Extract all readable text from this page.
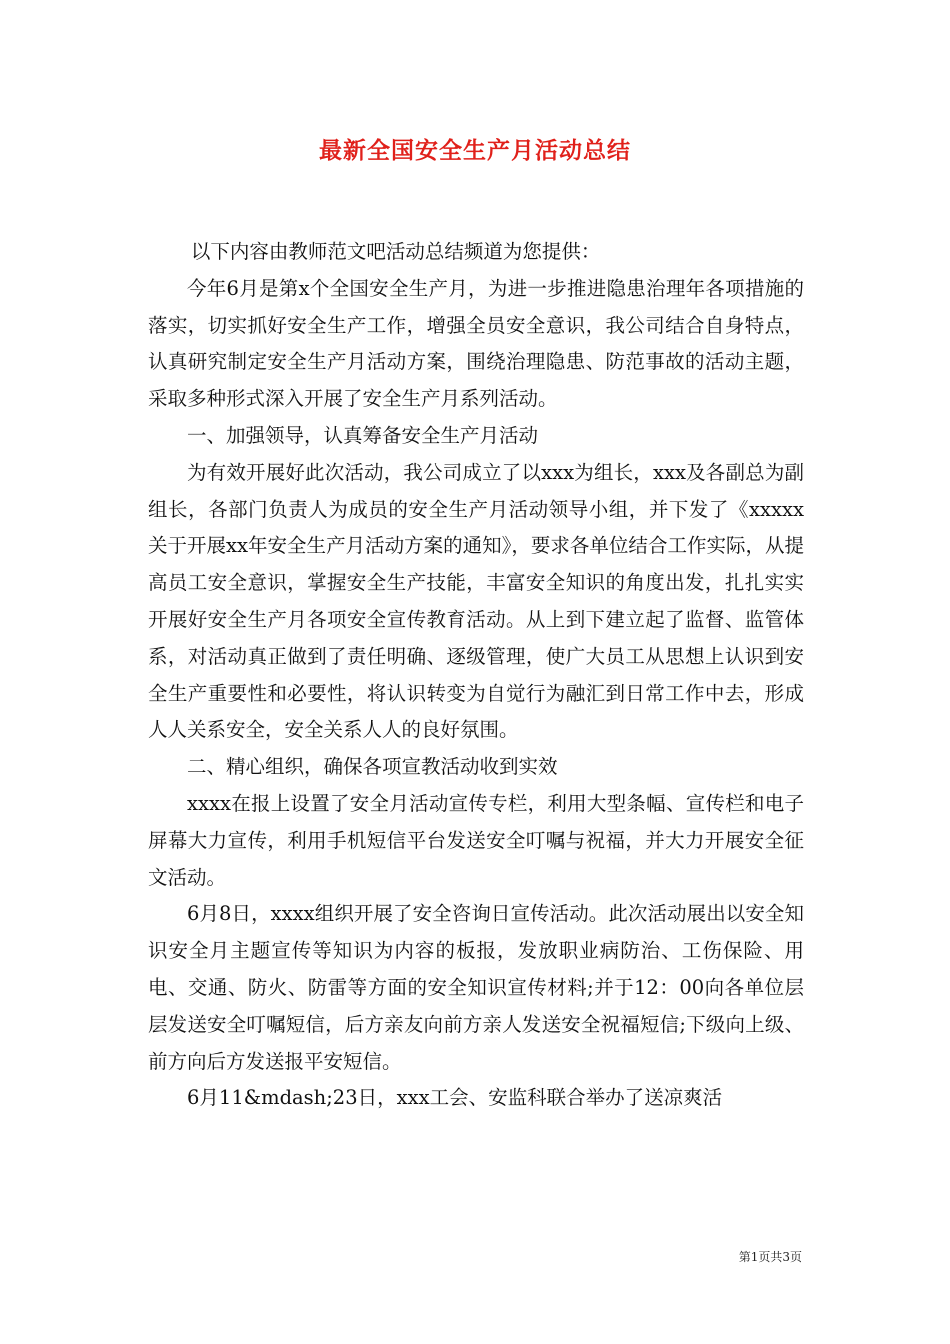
最新全国安全生产月活动总结

以下内容由教师范文吧活动总结频道为您提供：

今年6月是第x个全国安全生产月，为进一步推进隐患治理年各项措施的落实，切实抓好安全生产工作，增强全员安全意识，我公司结合自身特点，认真研究制定安全生产月活动方案，围绕治理隐患、防范事故的活动主题，采取多种形式深入开展了安全生产月系列活动。

一、加强领导，认真筹备安全生产月活动

为有效开展好此次活动，我公司成立了以xxx为组长，xxx及各副总为副组长，各部门负责人为成员的安全生产月活动领导小组，并下发了《xxxxx关于开展xx年安全生产月活动方案的通知》，要求各单位结合工作实际，从提高员工安全意识，掌握安全生产技能，丰富安全知识的角度出发，扎扎实实开展好安全生产月各项安全宣传教育活动。从上到下建立起了监督、监管体系，对活动真正做到了责任明确、逐级管理，使广大员工从思想上认识到安全生产重要性和必要性，将认识转变为自觉行为融汇到日常工作中去，形成人人关系安全，安全关系人人的良好氛围。

二、精心组织，确保各项宣教活动收到实效

xxxx在报上设置了安全月活动宣传专栏，利用大型条幅、宣传栏和电子屏幕大力宣传，利用手机短信平台发送安全叮嘱与祝福，并大力开展安全征文活动。

6月8日，xxxx组织开展了安全咨询日宣传活动。此次活动展出以安全知识安全月主题宣传等知识为内容的板报，发放职业病防治、工伤保险、用电、交通、防火、防雷等方面的安全知识宣传材料;并于12：00向各单位层层发送安全叮嘱短信，后方亲友向前方亲人发送安全祝福短信;下级向上级、前方向后方发送报平安短信。

6月11&mdash;23日，xxx工会、安监科联合举办了送凉爽活

第1页共3页
